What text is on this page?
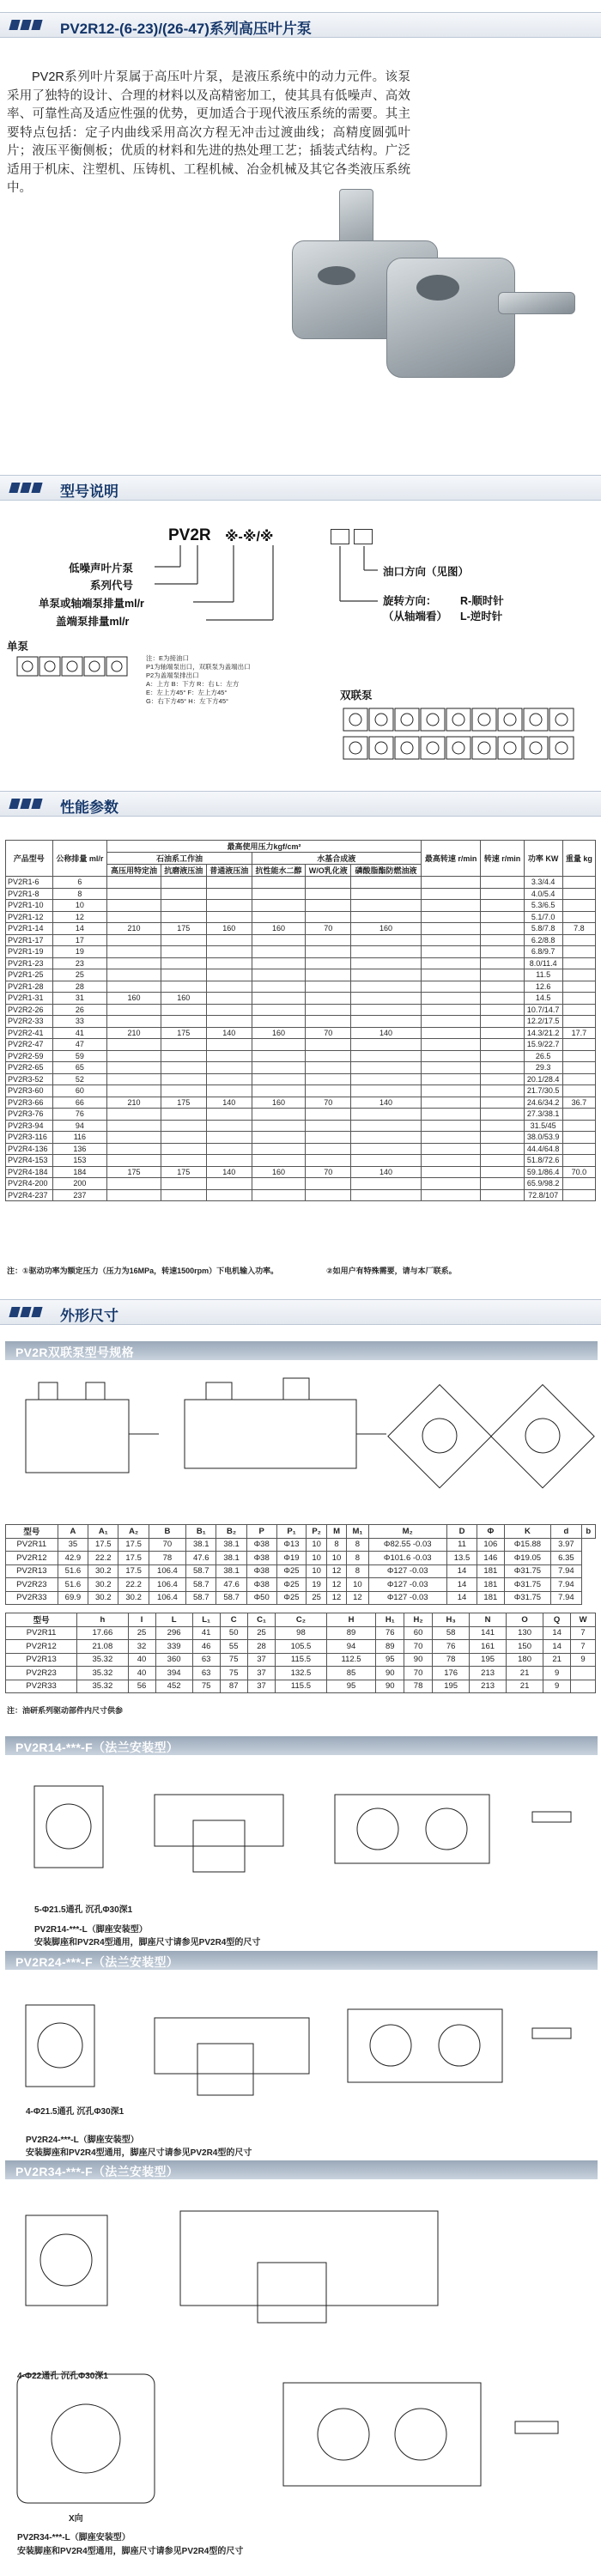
PV2R12-(6-23)/(26-47)系列高压叶片泵

PV2R系列叶片泵属于高压叶片泵，是液压系统中的动力元件。该泵采用了独特的设计、合理的材料以及高精密加工，使其具有低噪声、高效率、可靠性高及适应性强的优势，更加适合于现代液压系统的需要。其主要特点包括：定子内曲线采用高次方程无冲击过渡曲线；高精度圆弧叶片；液压平衡侧板；优质的材料和先进的热处理工艺；插装式结构。广泛适用于机床、注塑机、压铸机、工程机械、冶金机械及其它各类液压系统中。

型号说明
PV2R ※-※/※
低噪声叶片泵
系列代号
单泵或轴端泵排量ml/r
盖端泵排量ml/r
油口方向（见图）
旋转方向：
（从轴端看）
R-顺时针
L-逆时针
单泵
双联泵
注：E为接油口
P1为轴端泵出口，双联泵为盖端出口
P2为盖端泵排出口
A：上方 B：下方 R：右 L：左方
E：左上方45° F：左上方45°
G：右下方45° H：左下方45°
性能参数
产品型号	公称排量 ml/r	最高使用压力kgf/cm²						最高转速 r/min	转速 r/min	功率 KW	重量 kg
		石油系工作油			水基合成液						
		高压用特定油	抗磨液压油	普通液压油	抗性能水二醇	W/O乳化液	磷酸脂酯防燃油液				
PV2R1-6	6									3.3/4.4	
PV2R1-8	8									4.0/5.4	
PV2R1-10	10									5.3/6.5	
PV2R1-12	12									5.1/7.0	
PV2R1-14	14	210	175	160	160	70	160			5.8/7.8	7.8
PV2R1-17	17									6.2/8.8	
PV2R1-19	19									6.8/9.7	
PV2R1-23	23									8.0/11.4	
PV2R1-25	25									11.5	
PV2R1-28	28									12.6	
PV2R1-31	31	160	160							14.5	
PV2R2-26	26									10.7/14.7	
PV2R2-33	33									12.2/17.5	
PV2R2-41	41	210	175	140	160	70	140			14.3/21.2	17.7
PV2R2-47	47									15.9/22.7	
PV2R2-59	59									26.5	
PV2R2-65	65									29.3	
PV2R3-52	52									20.1/28.4	
PV2R3-60	60									21.7/30.5	
PV2R3-66	66	210	175	140	160	70	140			24.6/34.2	36.7
PV2R3-76	76									27.3/38.1	
PV2R3-94	94									31.5/45	
PV2R3-116	116									38.0/53.9	
PV2R4-136	136									44.4/64.8	
PV2R4-153	153									51.8/72.6	
PV2R4-184	184	175	175	140	160	70	140			59.1/86.4	70.0
PV2R4-200	200									65.9/98.2	
PV2R4-237	237									72.8/107	
注：①驱动功率为额定压力（压力为16MPa，转速1500rpm）下电机输入功率。	②如用户有特殊需要，请与本厂联系。
外形尺寸
PV2R双联泵型号规格
型号	A	A₁	A₂	B	B₁	B₂	P	P₁	P₂	M	M₁	M₂	D	Φ	K	d	b
PV2R11	35	17.5	17.5	70	38.1	38.1	Φ38	Φ13	10	8	8	Φ82.55 -0.03	11	106	Φ15.88	3.97	
PV2R12	42.9	22.2	17.5	78	47.6	38.1	Φ38	Φ19	10	10	8	Φ101.6 -0.03	13.5	146	Φ19.05	6.35	
PV2R13	51.6	30.2	17.5	106.4	58.7	38.1	Φ38	Φ25	10	12	8	Φ127 -0.03	14	181	Φ31.75	7.94	
PV2R23	51.6	30.2	22.2	106.4	58.7	47.6	Φ38	Φ25	19	12	10	Φ127 -0.03	14	181	Φ31.75	7.94	
PV2R33	69.9	30.2	30.2	106.4	58.7	58.7	Φ50	Φ25	25	12	12	Φ127 -0.03	14	181	Φ31.75	7.94	
型号	h	I	L	L₁	C	C₁	C₂	H	H₁	H₂	H₃	N	O	Q	W
PV2R11	17.66	25	296	41	50	25	98	89	76	60	58	141	130	14	7
PV2R12	21.08	32	339	46	55	28	105.5	94	89	70	76	161	150	14	7
PV2R13	35.32	40	360	63	75	37	115.5	112.5	95	90	78	195	180	21	9
PV2R23	35.32	40	394	63	75	37	132.5	85	90	70	176	213	21	9	
PV2R33	35.32	56	452	75	87	37	115.5	95	90	78	195	213	21	9	
注：油研系列驱动部件内尺寸供参
PV2R14-***-F（法兰安装型）
5-Φ21.5通孔 沉孔Φ30深1
PV2R14-***-L（脚座安装型）
安装脚座和PV2R4型通用，脚座尺寸请参见PV2R4型的尺寸
PV2R24-***-F（法兰安装型）
4-Φ21.5通孔 沉孔Φ30深1
PV2R24-***-L（脚座安装型）
安装脚座和PV2R4型通用，脚座尺寸请参见PV2R4型的尺寸
PV2R34-***-F（法兰安装型）
4-Φ22通孔 沉孔Φ30深1
X向
PV2R34-***-L（脚座安装型）
安装脚座和PV2R4型通用，脚座尺寸请参见PV2R4型的尺寸
